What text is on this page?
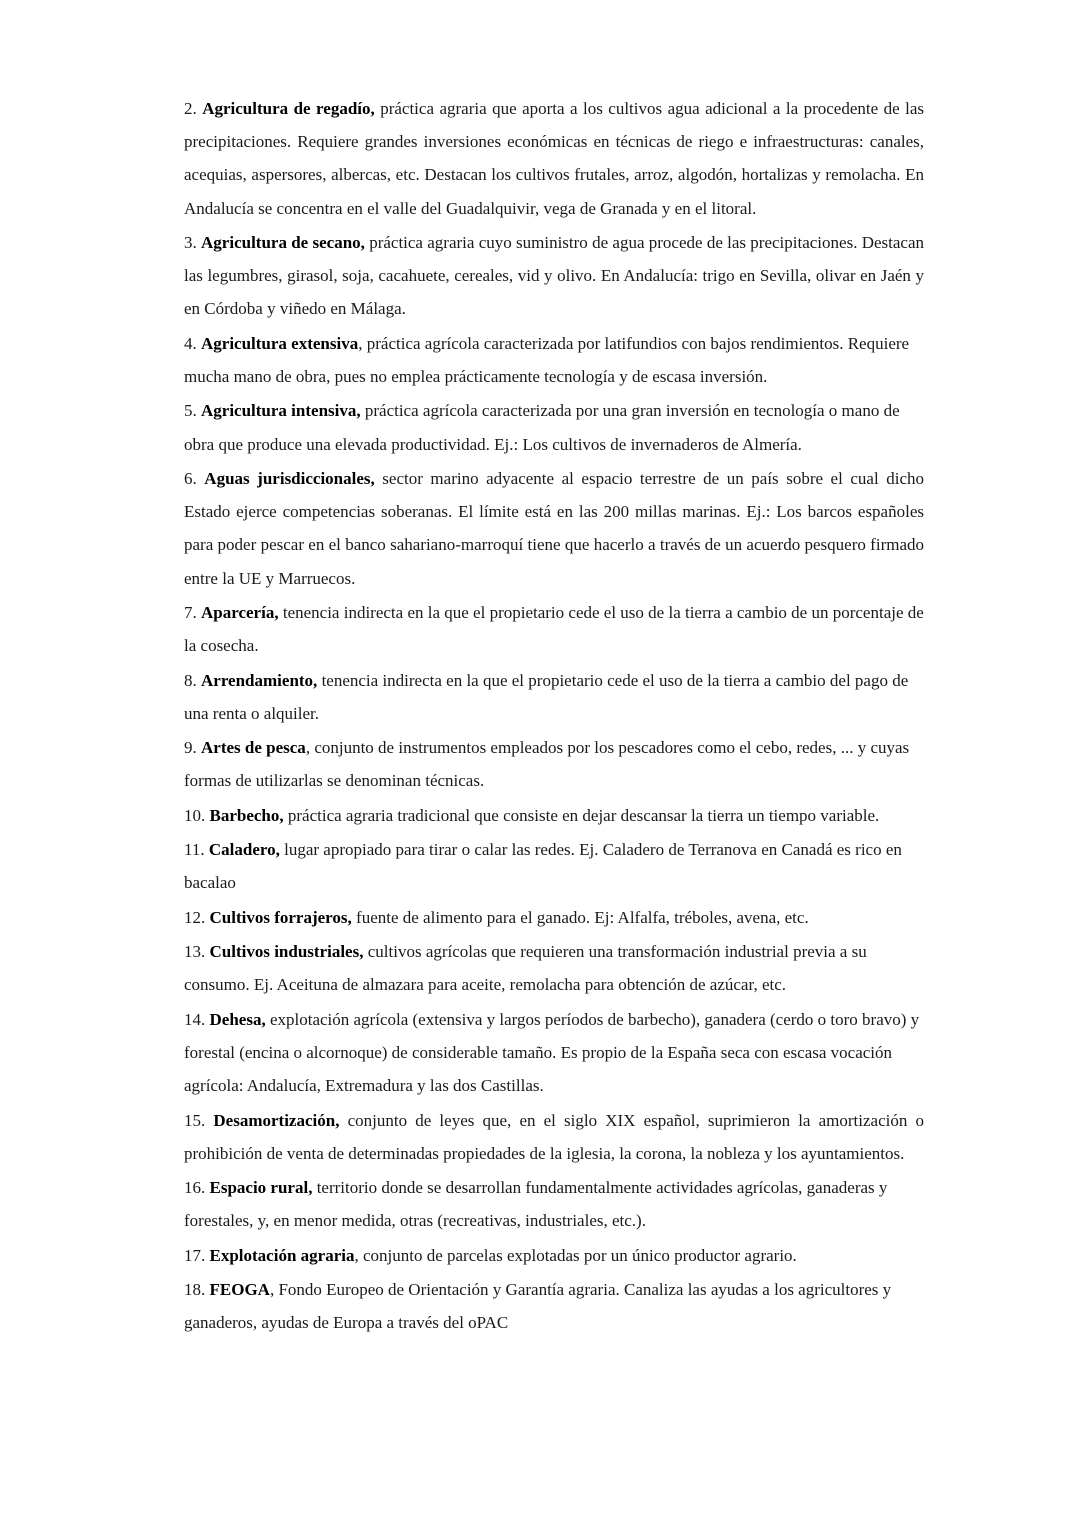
2. Agricultura de regadío, práctica agraria que aporta a los cultivos agua adicional a la procedente de las precipitaciones. Requiere grandes inversiones económicas en técnicas de riego e infraestructuras: canales, acequias, aspersores, albercas, etc. Destacan los cultivos frutales, arroz, algodón, hortalizas y remolacha. En Andalucía se concentra en el valle del Guadalquivir, vega de Granada y en el litoral.

3. Agricultura de secano, práctica agraria cuyo suministro de agua procede de las precipitaciones. Destacan las legumbres, girasol, soja, cacahuete, cereales, vid y olivo. En Andalucía: trigo en Sevilla, olivar en Jaén y en Córdoba y viñedo en Málaga.

4. Agricultura extensiva, práctica agrícola caracterizada por latifundios con bajos rendimientos. Requiere mucha mano de obra, pues no emplea prácticamente tecnología y de escasa inversión.

5. Agricultura intensiva, práctica agrícola caracterizada por una gran inversión en tecnología o mano de obra que produce una elevada productividad. Ej.: Los cultivos de invernaderos de Almería.

6. Aguas jurisdiccionales, sector marino adyacente al espacio terrestre de un país sobre el cual dicho Estado ejerce competencias soberanas. El límite está en las 200 millas marinas. Ej.: Los barcos españoles para poder pescar en el banco sahariano-marroquí tiene que hacerlo a través de un acuerdo pesquero firmado entre la UE y Marruecos.

7. Aparcería, tenencia indirecta en la que el propietario cede el uso de la tierra a cambio de un porcentaje de la cosecha.

8. Arrendamiento, tenencia indirecta en la que el propietario cede el uso de la tierra a cambio del pago de una renta o alquiler.

9. Artes de pesca, conjunto de instrumentos empleados por los pescadores como el cebo, redes, ... y cuyas formas de utilizarlas se denominan técnicas.

10. Barbecho, práctica agraria tradicional que consiste en dejar descansar la tierra un tiempo variable.

11. Caladero, lugar apropiado para tirar o calar las redes. Ej. Caladero de Terranova en Canadá es rico en bacalao

12. Cultivos forrajeros, fuente de alimento para el ganado. Ej: Alfalfa, tréboles, avena, etc.

13. Cultivos industriales, cultivos agrícolas que requieren una transformación industrial previa a su consumo. Ej. Aceituna de almazara para aceite, remolacha para obtención de azúcar, etc.

14. Dehesa, explotación agrícola (extensiva y largos períodos de barbecho), ganadera (cerdo o toro bravo) y forestal (encina o alcornoque) de considerable tamaño. Es propio de la España seca con escasa vocación agrícola: Andalucía, Extremadura y las dos Castillas.

15. Desamortización, conjunto de leyes que, en el siglo XIX español, suprimieron la amortización o prohibición de venta de determinadas propiedades de la iglesia, la corona, la nobleza y los ayuntamientos.

16. Espacio rural, territorio donde se desarrollan fundamentalmente actividades agrícolas, ganaderas y forestales, y, en menor medida, otras (recreativas, industriales, etc.).

17. Explotación agraria, conjunto de parcelas explotadas por un único productor agrario.

18. FEOGA, Fondo Europeo de Orientación y Garantía agraria. Canaliza las ayudas a los agricultores y ganaderos, ayudas de Europa a través del oPAC
